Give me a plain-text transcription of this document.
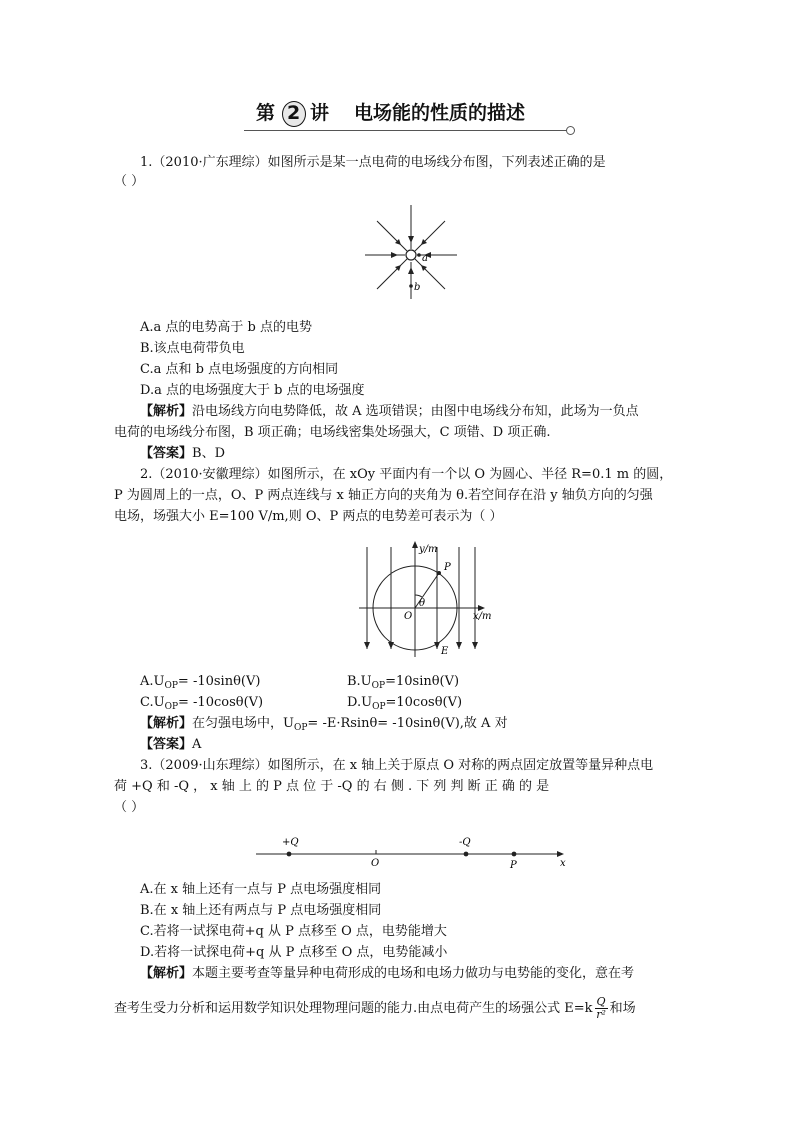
第 2 讲 电场能的性质的描述
1.（2010·广东理综）如图所示是某一点电荷的电场线分布图，下列表述正确的是
（ ）
a
b
A.a 点的电势高于 b 点的电势
B.该点电荷带负电
C.a 点和 b 点电场强度的方向相同
D.a 点的电场强度大于 b 点的电场强度
【解析】沿电场线方向电势降低，故 A 选项错误；由图中电场线分布知，此场为一负点
电荷的电场线分布图，B 项正确；电场线密集处场强大，C 项错、D 项正确.
【答案】B、D
2.（2010·安徽理综）如图所示，在 xOy 平面内有一个以 O 为圆心、半径 R=0.1 m 的圆，
P 为圆周上的一点，O、P 两点连线与 x 轴正方向的夹角为 θ.若空间存在沿 y 轴负方向的匀强
电场，场强大小 E=100 V/m,则 O、P 两点的电势差可表示为（ ）
y/m
x/m
P
O
θ
E
$A.U_{OP}= -10\sin\theta(V)$	$B.U_{OP}=10\sin\theta(V)$
$C.U_{OP}= -10\cos\theta(V)$	$D.U_{OP}=10\cos\theta(V)$
【解析】在匀强电场中，$U_{OP}= -E\cdot Rsin\theta= -10\sin\theta(V)$,故 A 对
【答案】A
3.（2009·山东理综）如图所示，在 x 轴上关于原点 O 对称的两点固定放置等量异种点电
荷 +Q 和 -Q ， x 轴 上 的 P 点 位 于 -Q 的 右 侧 . 下 列 判 断 正 确 的 是
（ ）
+Q	-Q
O	P	x
A.在 x 轴上还有一点与 P 点电场强度相同
B.在 x 轴上还有两点与 P 点电场强度相同
C.若将一试探电荷+q 从 P 点移至 O 点，电势能增大
D.若将一试探电荷+q 从 P 点移至 O 点，电势能减小
【解析】本题主要考查等量异种电荷形成的电场和电场力做功与电势能的变化，意在考
查考生受力分析和运用数学知识处理物理问题的能力.由点电荷产生的场强公式 $E=k \frac{Q}{\text{r²}}$ 和场
